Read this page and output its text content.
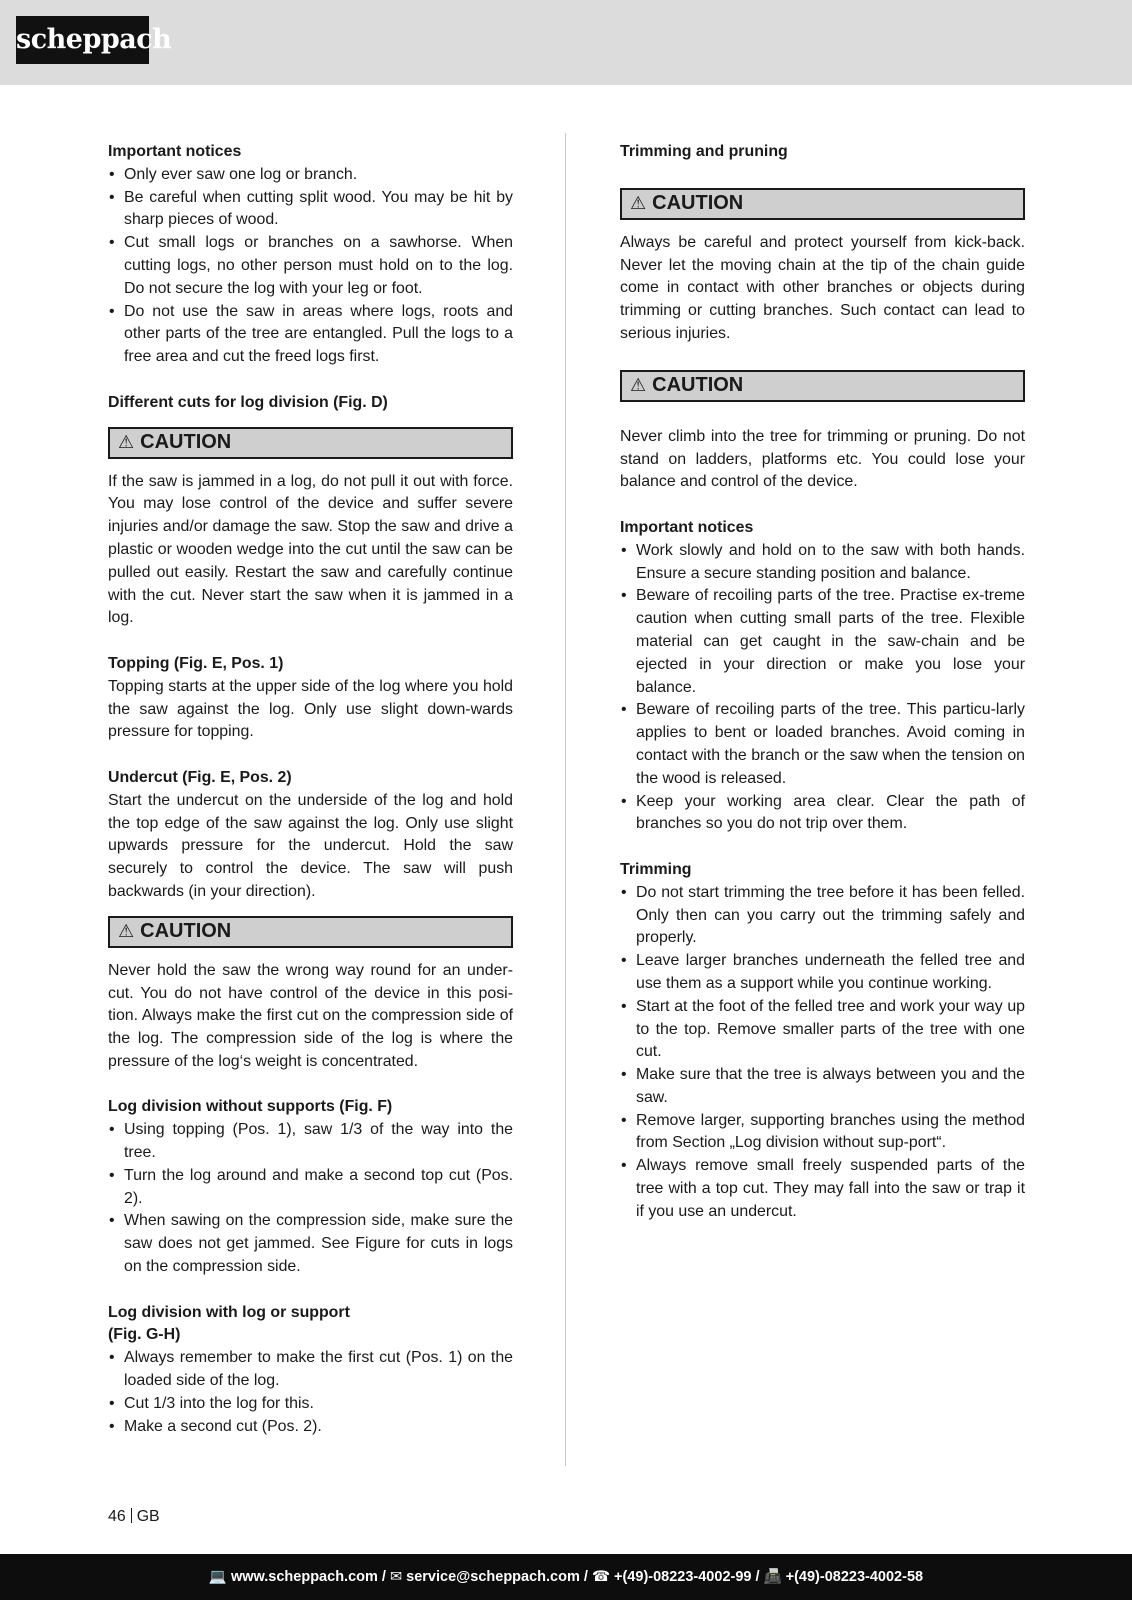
scheppach

Important notices

• Only ever saw one log or branch.
• Be careful when cutting split wood. You may be hit by sharp pieces of wood.
• Cut small logs or branches on a sawhorse. When cutting logs, no other person must hold on to the log. Do not secure the log with your leg or foot.
• Do not use the saw in areas where logs, roots and other parts of the tree are entangled. Pull the logs to a free area and cut the freed logs first.

Different cuts for log division (Fig. D)

⚠ CAUTION

If the saw is jammed in a log, do not pull it out with force. You may lose control of the device and suffer severe injuries and/or damage the saw. Stop the saw and drive a plastic or wooden wedge into the cut until the saw can be pulled out easily. Restart the saw and carefully continue with the cut. Never start the saw when it is jammed in a log.

Topping (Fig. E, Pos. 1)

Topping starts at the upper side of the log where you hold the saw against the log. Only use slight down-wards pressure for topping.

Undercut (Fig. E, Pos. 2)

Start the undercut on the underside of the log and hold the top edge of the saw against the log. Only use slight upwards pressure for the undercut. Hold the saw securely to control the device. The saw will push backwards (in your direction).

⚠ CAUTION

Never hold the saw the wrong way round for an under-cut. You do not have control of the device in this posi-tion. Always make the first cut on the compression side of the log. The compression side of the log is where the pressure of the log‘s weight is concentrated.

Log division without supports (Fig. F)

• Using topping (Pos. 1), saw 1/3 of the way into the tree.
• Turn the log around and make a second top cut (Pos. 2).
• When sawing on the compression side, make sure the saw does not get jammed. See Figure for cuts in logs on the compression side.

Log division with log or support
(Fig. G-H)

• Always remember to make the first cut (Pos. 1) on the loaded side of the log.
• Cut 1/3 into the log for this.
• Make a second cut (Pos. 2).

Trimming and pruning

⚠ CAUTION

Always be careful and protect yourself from kick-back. Never let the moving chain at the tip of the chain guide come in contact with other branches or objects during trimming or cutting branches. Such contact can lead to serious injuries.

⚠ CAUTION

Never climb into the tree for trimming or pruning. Do not stand on ladders, platforms etc. You could lose your balance and control of the device.

Important notices

• Work slowly and hold on to the saw with both hands. Ensure a secure standing position and balance.
• Beware of recoiling parts of the tree. Practise ex-treme caution when cutting small parts of the tree. Flexible material can get caught in the saw-chain and be ejected in your direction or make you lose your balance.
• Beware of recoiling parts of the tree. This particu-larly applies to bent or loaded branches. Avoid coming in contact with the branch or the saw when the tension on the wood is released.
• Keep your working area clear. Clear the path of branches so you do not trip over them.

Trimming

• Do not start trimming the tree before it has been felled. Only then can you carry out the trimming safely and properly.
• Leave larger branches underneath the felled tree and use them as a support while you continue working.
• Start at the foot of the felled tree and work your way up to the top. Remove smaller parts of the tree with one cut.
• Make sure that the tree is always between you and the saw.
• Remove larger, supporting branches using the method from Section „Log division without sup-port“.
• Always remove small freely suspended parts of the tree with a top cut. They may fall into the saw or trap it if you use an undercut.
46 GB
💻 www.scheppach.com / ✉ service@scheppach.com / ☎ +(49)-08223-4002-99 / 📠 +(49)-08223-4002-58
